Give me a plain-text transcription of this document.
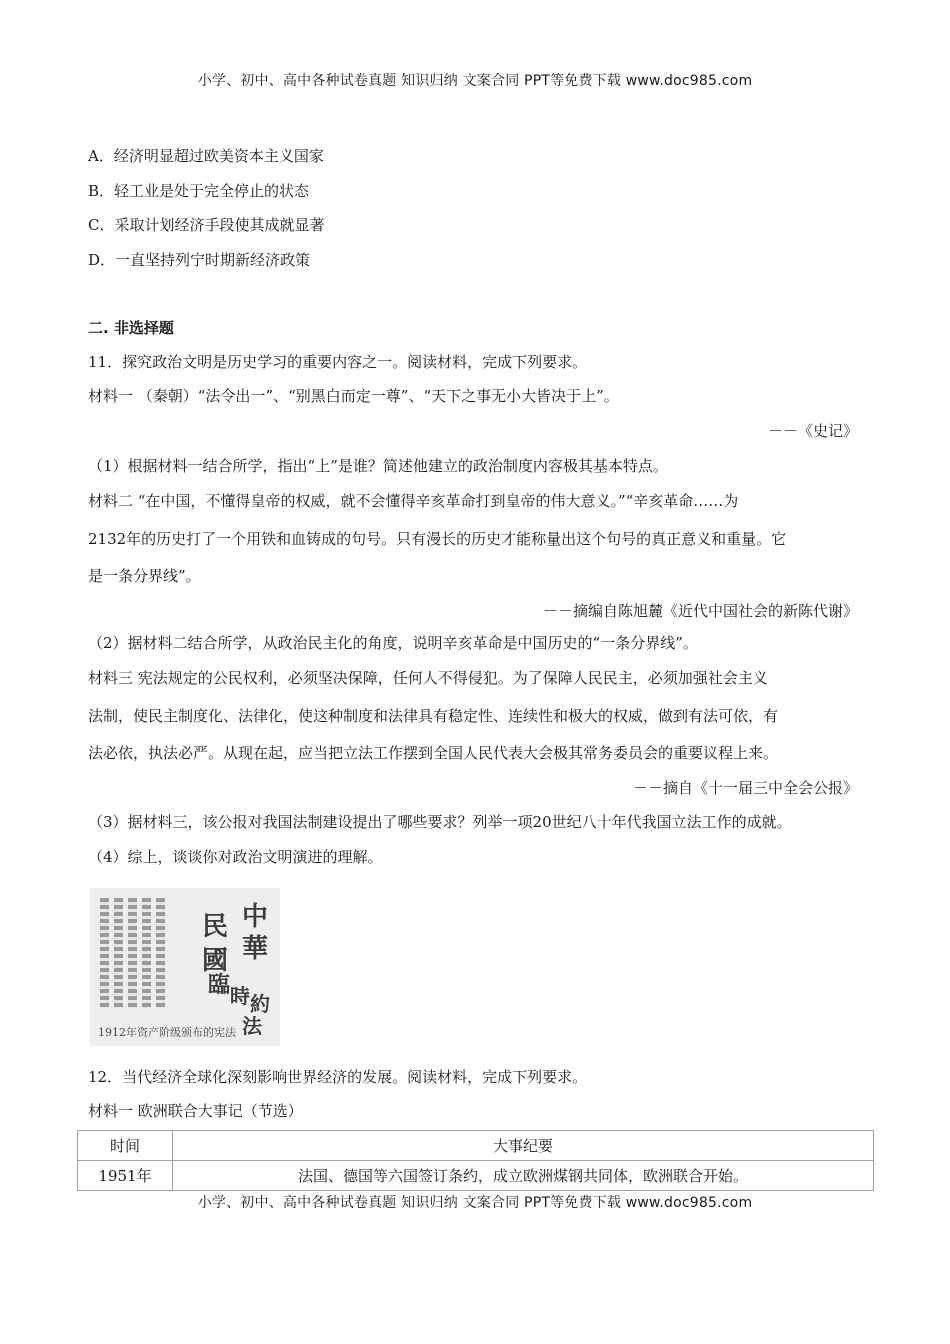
小学、初中、高中各种试卷真题 知识归纳 文案合同 PPT等免费下载 www.doc985.com
A．经济明显超过欧美资本主义国家
B．轻工业是处于完全停止的状态
C．采取计划经济手段使其成就显著
D．一直坚持列宁时期新经济政策
二. 非选择题
11．探究政治文明是历史学习的重要内容之一。阅读材料，完成下列要求。
材料一 （秦朝）“法令出一”、“别黑白而定一尊”、“天下之事无小大皆决于上”。
－－《史记》
（1）根据材料一结合所学，指出“上”是谁？简述他建立的政治制度内容极其基本特点。
材料二 “在中国，不懂得皇帝的权威，就不会懂得辛亥革命打到皇帝的伟大意义。”“辛亥革命……为
2132年的历史打了一个用铁和血铸成的句号。只有漫长的历史才能称量出这个句号的真正意义和重量。它
是一条分界线”。
－－摘编自陈旭麓《近代中国社会的新陈代谢》
（2）据材料二结合所学，从政治民主化的角度，说明辛亥革命是中国历史的“一条分界线”。
材料三 宪法规定的公民权利，必须坚决保障，任何人不得侵犯。为了保障人民民主，必须加强社会主义
法制，使民主制度化、法律化，使这种制度和法律具有稳定性、连续性和极大的权威，做到有法可依，有
法必依，执法必严。从现在起，应当把立法工作摆到全国人民代表大会极其常务委员会的重要议程上来。
－－摘自《十一届三中全会公报》
（3）据材料三，该公报对我国法制建设提出了哪些要求？列举一项20世纪八十年代我国立法工作的成就。
（4）综上，谈谈你对政治文明演进的理解。
中
華
民
國
臨 時 約
法
1912年资产阶级颁布的宪法
12．当代经济全球化深刻影响世界经济的发展。阅读材料，完成下列要求。
材料一 欧洲联合大事记（节选）
时间	大事纪要
1951年	法国、德国等六国签订条约，成立欧洲煤钢共同体，欧洲联合开始。
小学、初中、高中各种试卷真题 知识归纳 文案合同 PPT等免费下载 www.doc985.com
